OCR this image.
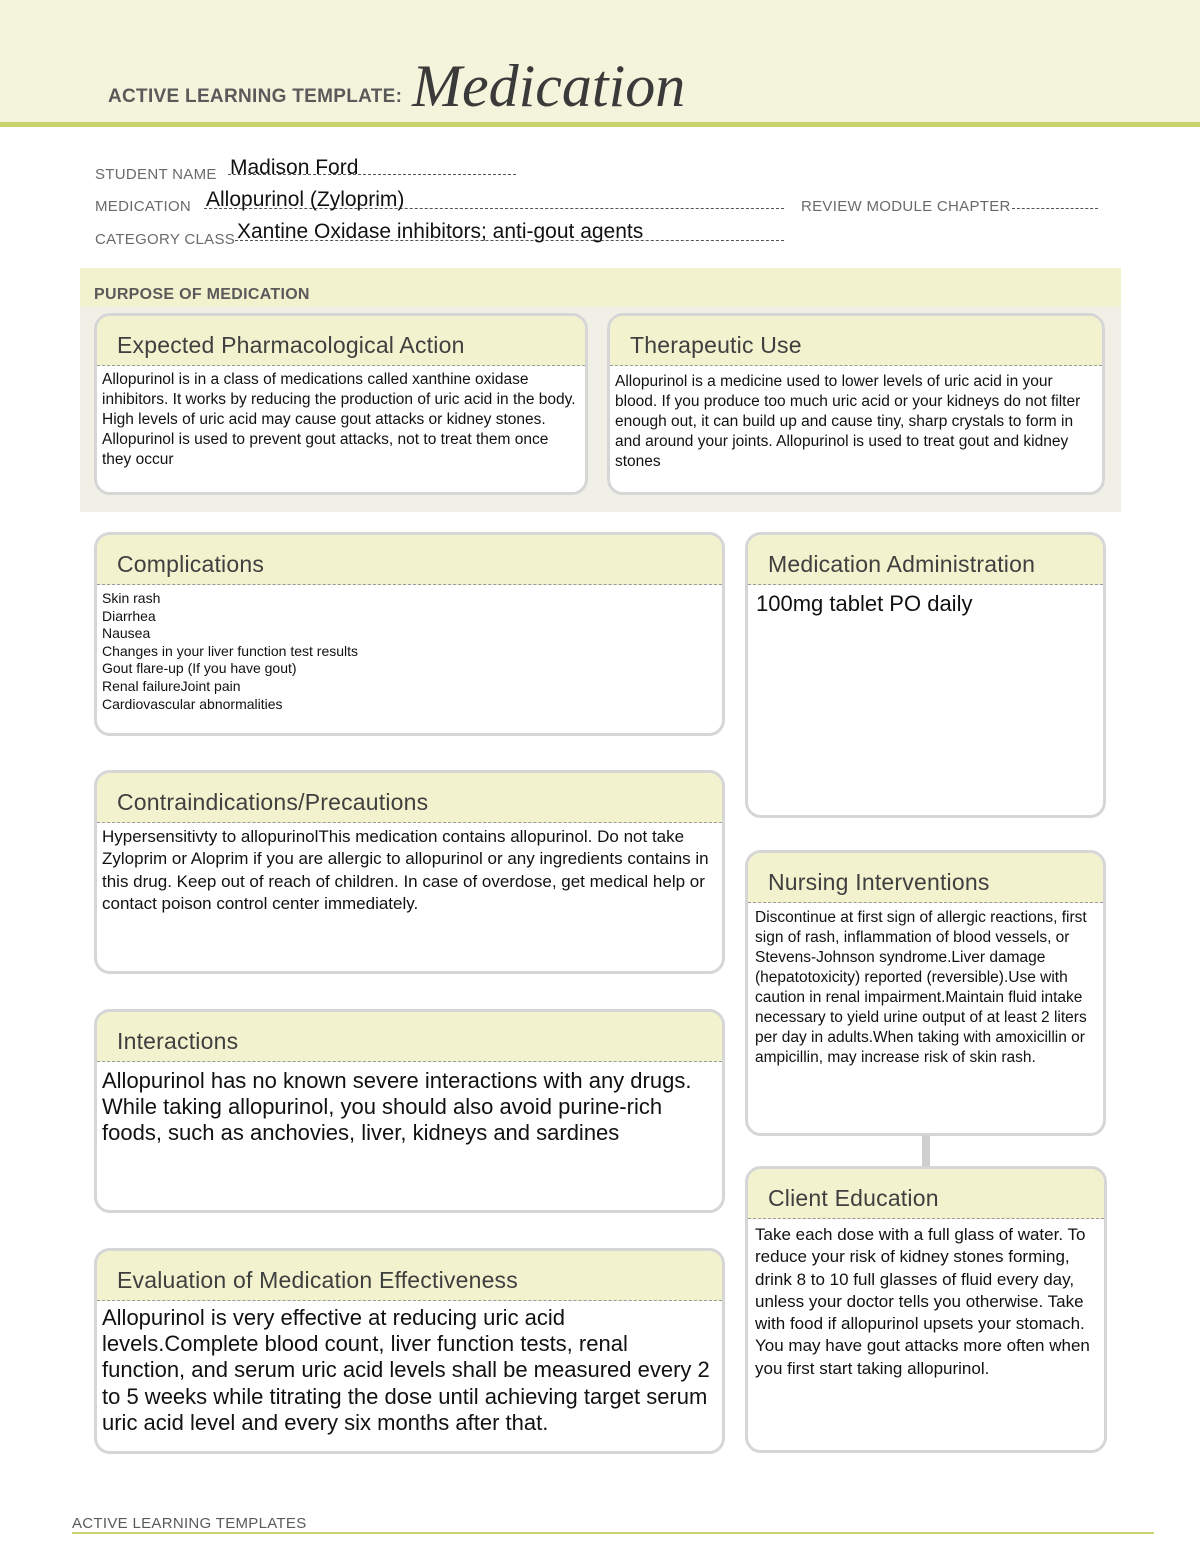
ACTIVE LEARNING TEMPLATE: Medication
STUDENT NAME Madison Ford
MEDICATION Allopurinol (Zyloprim)	REVIEW MODULE CHAPTER
CATEGORY CLASS Xantine Oxidase inhibitors; anti-gout agents
PURPOSE OF MEDICATION
Expected Pharmacological Action
Allopurinol is in a class of medications called xanthine oxidase inhibitors. It works by reducing the production of uric acid in the body. High levels of uric acid may cause gout attacks or kidney stones. Allopurinol is used to prevent gout attacks, not to treat them once they occur
Therapeutic Use
Allopurinol is a medicine used to lower levels of uric acid in your blood. If you produce too much uric acid or your kidneys do not filter enough out, it can build up and cause tiny, sharp crystals to form in and around your joints. Allopurinol is used to treat gout and kidney stones
Complications
Skin rash
Diarrhea
Nausea
Changes in your liver function test results
Gout flare-up (If you have gout)
Renal failureJoint pain
Cardiovascular abnormalities
Medication Administration
100mg tablet PO daily
Contraindications/Precautions
Hypersensitivty to allopurinolThis medication contains allopurinol. Do not take Zyloprim or Aloprim if you are allergic to allopurinol or any ingredients contains in this drug. Keep out of reach of children. In case of overdose, get medical help or contact poison control center immediately.
Nursing Interventions
Discontinue at first sign of allergic reactions, first sign of rash, inflammation of blood vessels, or Stevens-Johnson syndrome.Liver damage (hepatotoxicity) reported (reversible).Use with caution in renal impairment.Maintain fluid intake necessary to yield urine output of at least 2 liters per day in adults.When taking with amoxicillin or ampicillin, may increase risk of skin rash.
Interactions
Allopurinol has no known severe interactions with any drugs. While taking allopurinol, you should also avoid purine-rich foods, such as anchovies, liver, kidneys and sardines
Client Education
Take each dose with a full glass of water. To reduce your risk of kidney stones forming, drink 8 to 10 full glasses of fluid every day, unless your doctor tells you otherwise. Take with food if allopurinol upsets your stomach. You may have gout attacks more often when you first start taking allopurinol.
Evaluation of Medication Effectiveness
Allopurinol is very effective at reducing uric acid levels.Complete blood count, liver function tests, renal function, and serum uric acid levels shall be measured every 2 to 5 weeks while titrating the dose until achieving target serum uric acid level and every six months after that.
ACTIVE LEARNING TEMPLATES
